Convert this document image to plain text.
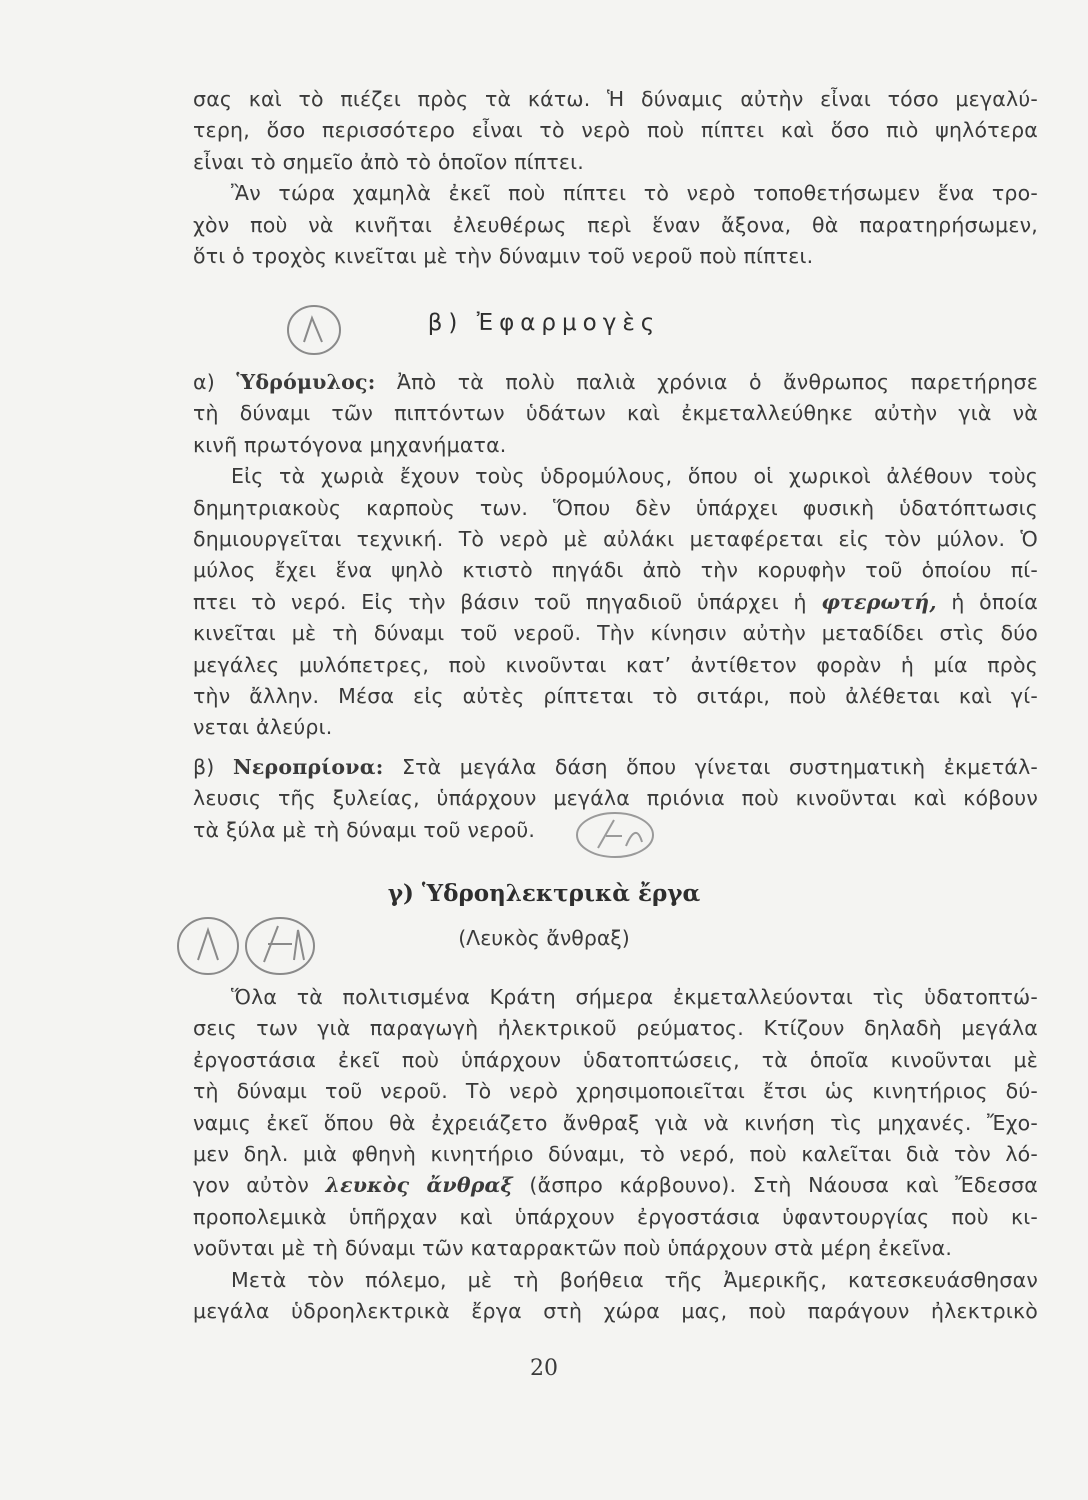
σας καὶ τὸ πιέζει πρὸς τὰ κάτω. Ἡ δύναμις αὐτὴν εἶναι τόσο μεγαλύ-
τερη, ὅσο περισσότερο εἶναι τὸ νερὸ ποὺ πίπτει καὶ ὅσο πιὸ ψηλότερα
εἶναι τὸ σημεῖο ἀπὸ τὸ ὁποῖον πίπτει.
Ἂν τώρα χαμηλὰ ἐκεῖ ποὺ πίπτει τὸ νερὸ τοποθετήσωμεν ἕνα τρο-
χὸν ποὺ νὰ κινῆται ἐλευθέρως περὶ ἕναν ἄξονα, θὰ παρατηρήσωμεν,
ὅτι ὁ τροχὸς κινεῖται μὲ τὴν δύναμιν τοῦ νεροῦ ποὺ πίπτει.
β) Ἐφαρμογὲς
α) Ὑδρόμυλος: Ἀπὸ τὰ πολὺ παλιὰ χρόνια ὁ ἄνθρωπος παρετήρησε
τὴ δύναμι τῶν πιπτόντων ὑδάτων καὶ ἐκμεταλλεύθηκε αὐτὴν γιὰ νὰ
κινῆ πρωτόγονα μηχανήματα.
Εἰς τὰ χωριὰ ἔχουν τοὺς ὑδρομύλους, ὅπου οἱ χωρικοὶ ἀλέθουν τοὺς
δημητριακοὺς καρποὺς των. Ὅπου δὲν ὑπάρχει φυσικὴ ὑδατόπτωσις
δημιουργεῖται τεχνική. Τὸ νερὸ μὲ αὐλάκι μεταφέρεται εἰς τὸν μύλον. Ὁ
μύλος ἔχει ἕνα ψηλὸ κτιστὸ πηγάδι ἀπὸ τὴν κορυφὴν τοῦ ὁποίου πί-
πτει τὸ νερό. Εἰς τὴν βάσιν τοῦ πηγαδιοῦ ὑπάρχει ἡ φτερωτή, ἡ ὁποία
κινεῖται μὲ τὴ δύναμι τοῦ νεροῦ. Τὴν κίνησιν αὐτὴν μεταδίδει στὶς δύο
μεγάλες μυλόπετρες, ποὺ κινοῦνται κατ’ ἀντίθετον φορὰν ἡ μία πρὸς
τὴν ἄλλην. Μέσα εἰς αὐτὲς ρίπτεται τὸ σιτάρι, ποὺ ἀλέθεται καὶ γί-
νεται ἀλεύρι.
β) Νεροπρίονα: Στὰ μεγάλα δάση ὅπου γίνεται συστηματικὴ ἐκμετάλ-
λευσις τῆς ξυλείας, ὑπάρχουν μεγάλα πριόνια ποὺ κινοῦνται καὶ κόβουν
τὰ ξύλα μὲ τὴ δύναμι τοῦ νεροῦ.
γ) Ὑδροηλεκτρικὰ ἔργα
(Λευκὸς ἄνθραξ)
Ὅλα τὰ πολιτισμένα Κράτη σήμερα ἐκμεταλλεύονται τὶς ὑδατοπτώ-
σεις των γιὰ παραγωγὴ ἠλεκτρικοῦ ρεύματος. Κτίζουν δηλαδὴ μεγάλα
ἐργοστάσια ἐκεῖ ποὺ ὑπάρχουν ὑδατοπτώσεις, τὰ ὁποῖα κινοῦνται μὲ
τὴ δύναμι τοῦ νεροῦ. Τὸ νερὸ χρησιμοποιεῖται ἔτσι ὡς κινητήριος δύ-
ναμις ἐκεῖ ὅπου θὰ ἐχρειάζετο ἄνθραξ γιὰ νὰ κινήση τὶς μηχανές. Ἔχο-
μεν δηλ. μιὰ φθηνὴ κινητήριο δύναμι, τὸ νερό, ποὺ καλεῖται διὰ τὸν λό-
γον αὐτὸν λευκὸς ἄνθραξ (ἄσπρο κάρβουνο). Στὴ Νάουσα καὶ Ἔδεσσα
προπολεμικὰ ὑπῆρχαν καὶ ὑπάρχουν ἐργοστάσια ὑφαντουργίας ποὺ κι-
νοῦνται μὲ τὴ δύναμι τῶν καταρρακτῶν ποὺ ὑπάρχουν στὰ μέρη ἐκεῖνα.
Μετὰ τὸν πόλεμο, μὲ τὴ βοήθεια τῆς Ἀμερικῆς, κατεσκευάσθησαν
μεγάλα ὑδροηλεκτρικὰ ἔργα στὴ χώρα μας, ποὺ παράγουν ἠλεκτρικὸ
20
